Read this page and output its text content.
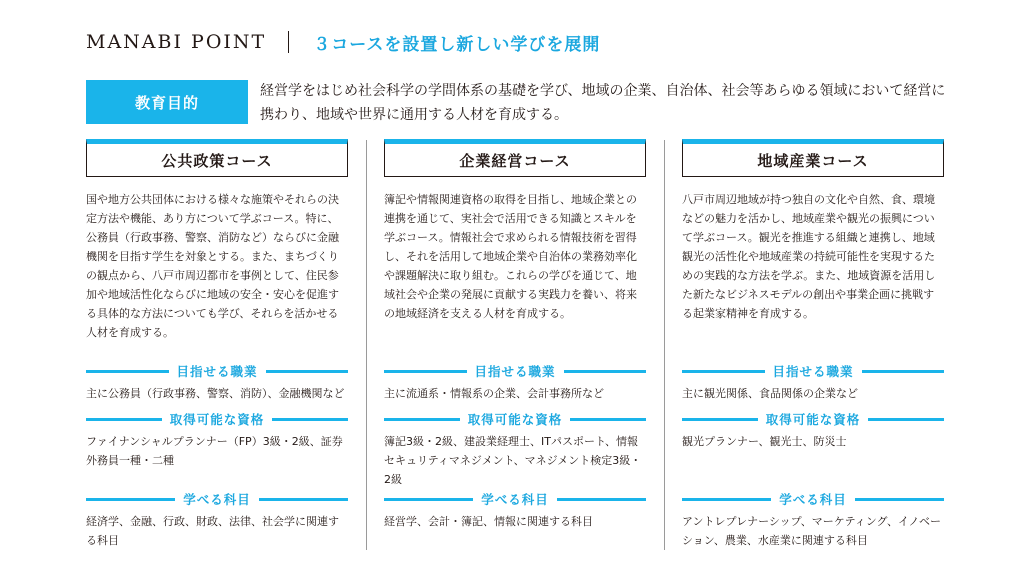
MANABI POINT	３コースを設置し新しい学びを展開
教育目的
経営学をはじめ社会科学の学問体系の基礎を学び、地域の企業、自治体、社会等あらゆる領域において経営に携わり、地域や世界に通用する人材を育成する。
公共政策コース
国や地方公共団体における様々な施策やそれらの決定方法や機能、あり方について学ぶコース。特に、公務員（行政事務、警察、消防など）ならびに金融機関を目指す学生を対象とする。また、まちづくりの観点から、八戸市周辺都市を事例として、住民参加や地域活性化ならびに地域の安全・安心を促進する具体的な方法についても学び、それらを活かせる人材を育成する。
目指せる職業
主に公務員（行政事務、警察、消防）、金融機関など
取得可能な資格
ファイナンシャルプランナー（FP）3級・2級、証券外務員一種・二種
学べる科目
経済学、金融、行政、財政、法律、社会学に関連する科目
企業経営コース
簿記や情報関連資格の取得を目指し、地域企業との連携を通じて、実社会で活用できる知識とスキルを学ぶコース。情報社会で求められる情報技術を習得し、それを活用して地域企業や自治体の業務効率化や課題解決に取り組む。これらの学びを通じて、地域社会や企業の発展に貢献する実践力を養い、将来の地域経済を支える人材を育成する。
目指せる職業
主に流通系・情報系の企業、会計事務所など
取得可能な資格
簿記3級・2級、建設業経理士、ITパスポート、情報セキュリティマネジメント、マネジメント検定3級・2級
学べる科目
経営学、会計・簿記、情報に関連する科目
地域産業コース
八戸市周辺地域が持つ独自の文化や自然、食、環境などの魅力を活かし、地域産業や観光の振興について学ぶコース。観光を推進する組織と連携し、地域観光の活性化や地域産業の持続可能性を実現するための実践的な方法を学ぶ。また、地域資源を活用した新たなビジネスモデルの創出や事業企画に挑戦する起業家精神を育成する。
目指せる職業
主に観光関係、食品関係の企業など
取得可能な資格
観光プランナー、観光士、防災士
学べる科目
アントレプレナーシップ、マーケティング、イノベーション、農業、水産業に関連する科目
